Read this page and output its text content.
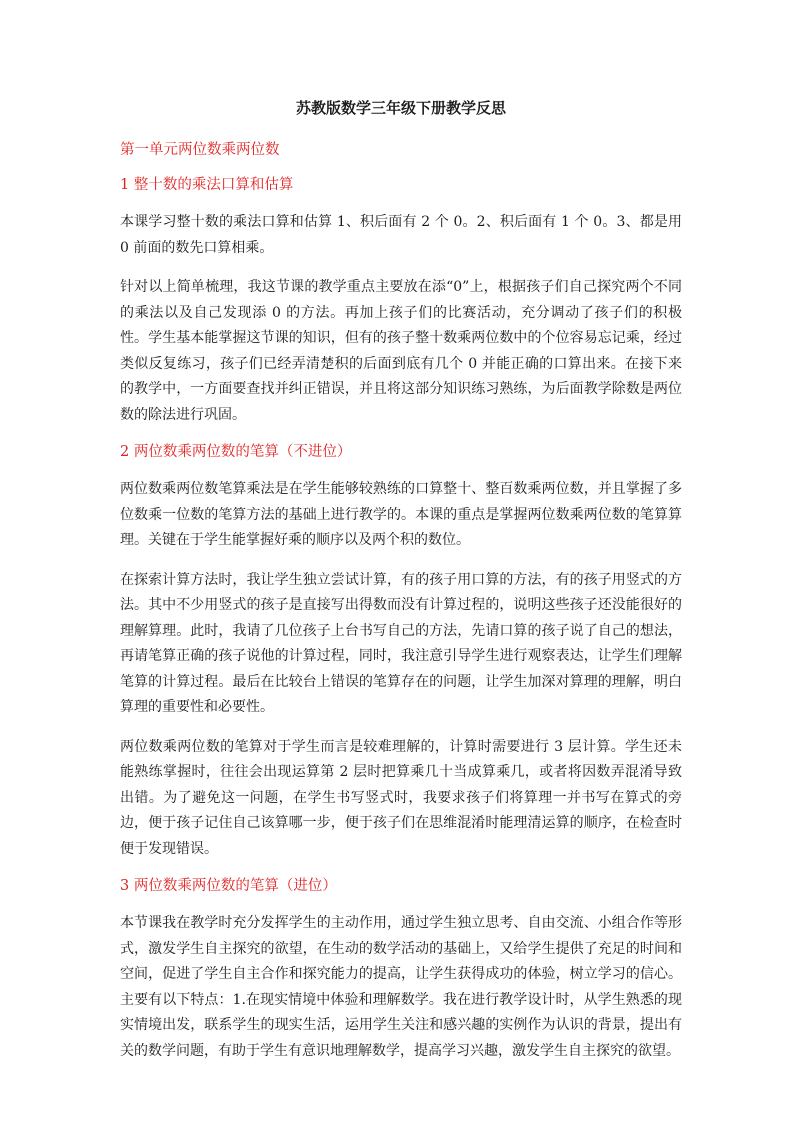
苏教版数学三年级下册教学反思
第一单元两位数乘两位数
1 整十数的乘法口算和估算

本课学习整十数的乘法口算和估算 1、积后面有 2 个 0。2、积后面有 1 个 0。3、都是用 0 前面的数先口算相乘。

针对以上简单梳理，我这节课的教学重点主要放在添“0”上，根据孩子们自己探究两个不同的乘法以及自己发现添 0 的方法。再加上孩子们的比赛活动，充分调动了孩子们的积极性。学生基本能掌握这节课的知识，但有的孩子整十数乘两位数中的个位容易忘记乘，经过类似反复练习，孩子们已经弄清楚积的后面到底有几个 0 并能正确的口算出来。在接下来的教学中，一方面要查找并纠正错误，并且将这部分知识练习熟练，为后面教学除数是两位数的除法进行巩固。

2 两位数乘两位数的笔算（不进位）

两位数乘两位数笔算乘法是在学生能够较熟练的口算整十、整百数乘两位数，并且掌握了多位数乘一位数的笔算方法的基础上进行教学的。本课的重点是掌握两位数乘两位数的笔算算理。关键在于学生能掌握好乘的顺序以及两个积的数位。

在探索计算方法时，我让学生独立尝试计算，有的孩子用口算的方法，有的孩子用竖式的方法。其中不少用竖式的孩子是直接写出得数而没有计算过程的，说明这些孩子还没能很好的理解算理。此时，我请了几位孩子上台书写自己的方法，先请口算的孩子说了自己的想法，再请笔算正确的孩子说他的计算过程，同时，我注意引导学生进行观察表达，让学生们理解笔算的计算过程。最后在比较台上错误的笔算存在的问题，让学生加深对算理的理解，明白算理的重要性和必要性。

两位数乘两位数的笔算对于学生而言是较难理解的，计算时需要进行 3 层计算。学生还未能熟练掌握时，往往会出现运算第 2 层时把算乘几十当成算乘几，或者将因数弄混淆导致出错。为了避免这一问题，在学生书写竖式时，我要求孩子们将算理一并书写在算式的旁边，便于孩子记住自己该算哪一步，便于孩子们在思维混淆时能理清运算的顺序，在检查时便于发现错误。

3 两位数乘两位数的笔算（进位）

本节课我在教学时充分发挥学生的主动作用，通过学生独立思考、自由交流、小组合作等形式，激发学生自主探究的欲望，在生动的数学活动的基础上，又给学生提供了充足的时间和空间，促进了学生自主合作和探究能力的提高，让学生获得成功的体验，树立学习的信心。主要有以下特点：1.在现实情境中体验和理解数学。我在进行教学设计时，从学生熟悉的现实情境出发，联系学生的现实生活，运用学生关注和感兴趣的实例作为认识的背景，提出有关的数学问题，有助于学生有意识地理解数学，提高学习兴趣，激发学生自主探究的欲望。
